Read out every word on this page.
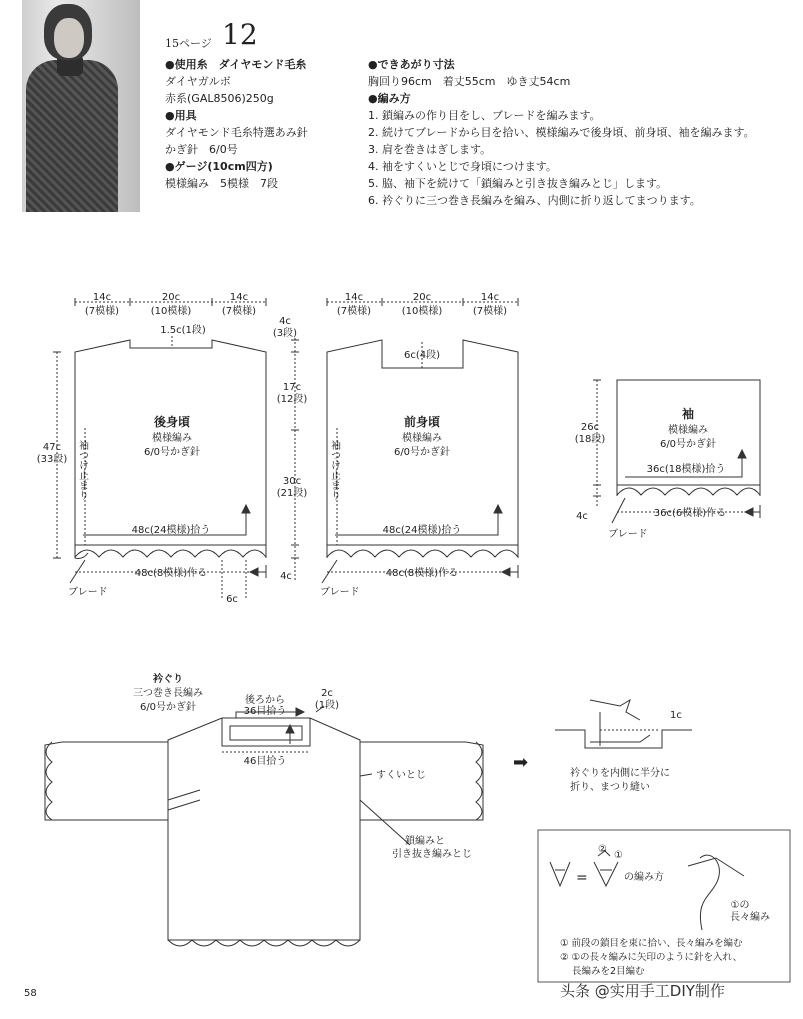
15ページ 12
●使用糸　ダイヤモンド毛糸
ダイヤガルボ
赤系(GAL8506)250g
●用具
ダイヤモンド毛糸特選あみ針
かぎ針　6/0号
●ゲージ(10cm四方)
模様編み　5模様　7段
●できあがり寸法
胸回り96cm　着丈55cm　ゆき丈54cm
●編み方
1. 鎖編みの作り目をし、ブレードを編みます。
2. 続けてブレードから目を拾い、模様編みで後身頃、前身頃、袖を編みます。
3. 肩を巻きはぎします。
4. 袖をすくいとじで身頃につけます。
5. 脇、袖下を続けて「鎖編みと引き抜き編みとじ」します。
6. 衿ぐりに三つ巻き長編みを編み、内側に折り返してまつります。
14c
(7模様)
20c
(10模様)
14c
(7模様)
1.5c(1段)
4c
(3段)
17c
(12段)
30c
(21段)
47c
(33段)
後身頃
模様編み
6/0号かぎ針
48c(24模様)拾う
48c(8模様)作る
ブレード
4c
6c
14c
(7模様)
20c
(10模様)
14c
(7模様)
6c(4段)
前身頃
模様編み
6/0号かぎ針
48c(24模様)拾う
48c(8模様)作る
ブレード
26c
(18段)
袖
模様編み
6/0号かぎ針
36c(18模様)拾う
4c	36c(6模様)作る
ブレード
衿ぐり
三つ巻き長編み
6/0号かぎ針
後ろから
36目拾う
2c
(1段)
46目拾う
すくいとじ
鎖編みと
引き抜き編みとじ
➡
1c
衿ぐりを内側に半分に
折り、まつり縫い
=
②
①
の編み方
①の
長々編み
① 前段の鎖目を束に拾い、長々編みを編む
② ①の長々編みに矢印のように針を入れ、
長編みを2目編む
袖つけ止まり	袖つけ止まり
58	头条 @实用手工DIY制作
